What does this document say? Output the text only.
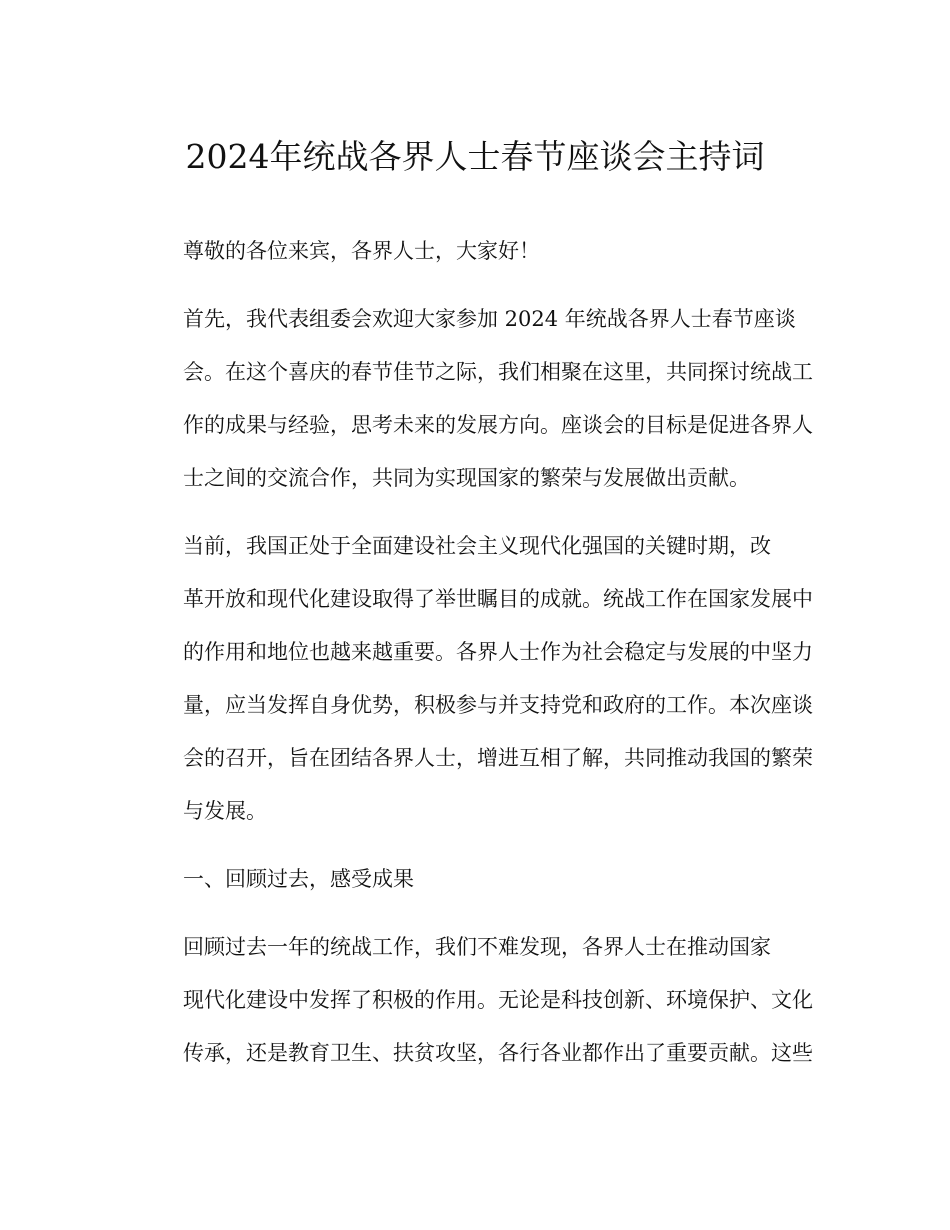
2024年统战各界人士春节座谈会主持词

尊敬的各位来宾，各界人士，大家好！

首先，我代表组委会欢迎大家参加 2024 年统战各界人士春节座谈
会。在这个喜庆的春节佳节之际，我们相聚在这里，共同探讨统战工
作的成果与经验，思考未来的发展方向。座谈会的目标是促进各界人
士之间的交流合作，共同为实现国家的繁荣与发展做出贡献。

当前，我国正处于全面建设社会主义现代化强国的关键时期，改
革开放和现代化建设取得了举世瞩目的成就。统战工作在国家发展中
的作用和地位也越来越重要。各界人士作为社会稳定与发展的中坚力
量，应当发挥自身优势，积极参与并支持党和政府的工作。本次座谈
会的召开，旨在团结各界人士，增进互相了解，共同推动我国的繁荣
与发展。

一、回顾过去，感受成果

回顾过去一年的统战工作，我们不难发现，各界人士在推动国家
现代化建设中发挥了积极的作用。无论是科技创新、环境保护、文化
传承，还是教育卫生、扶贫攻坚，各行各业都作出了重要贡献。这些
